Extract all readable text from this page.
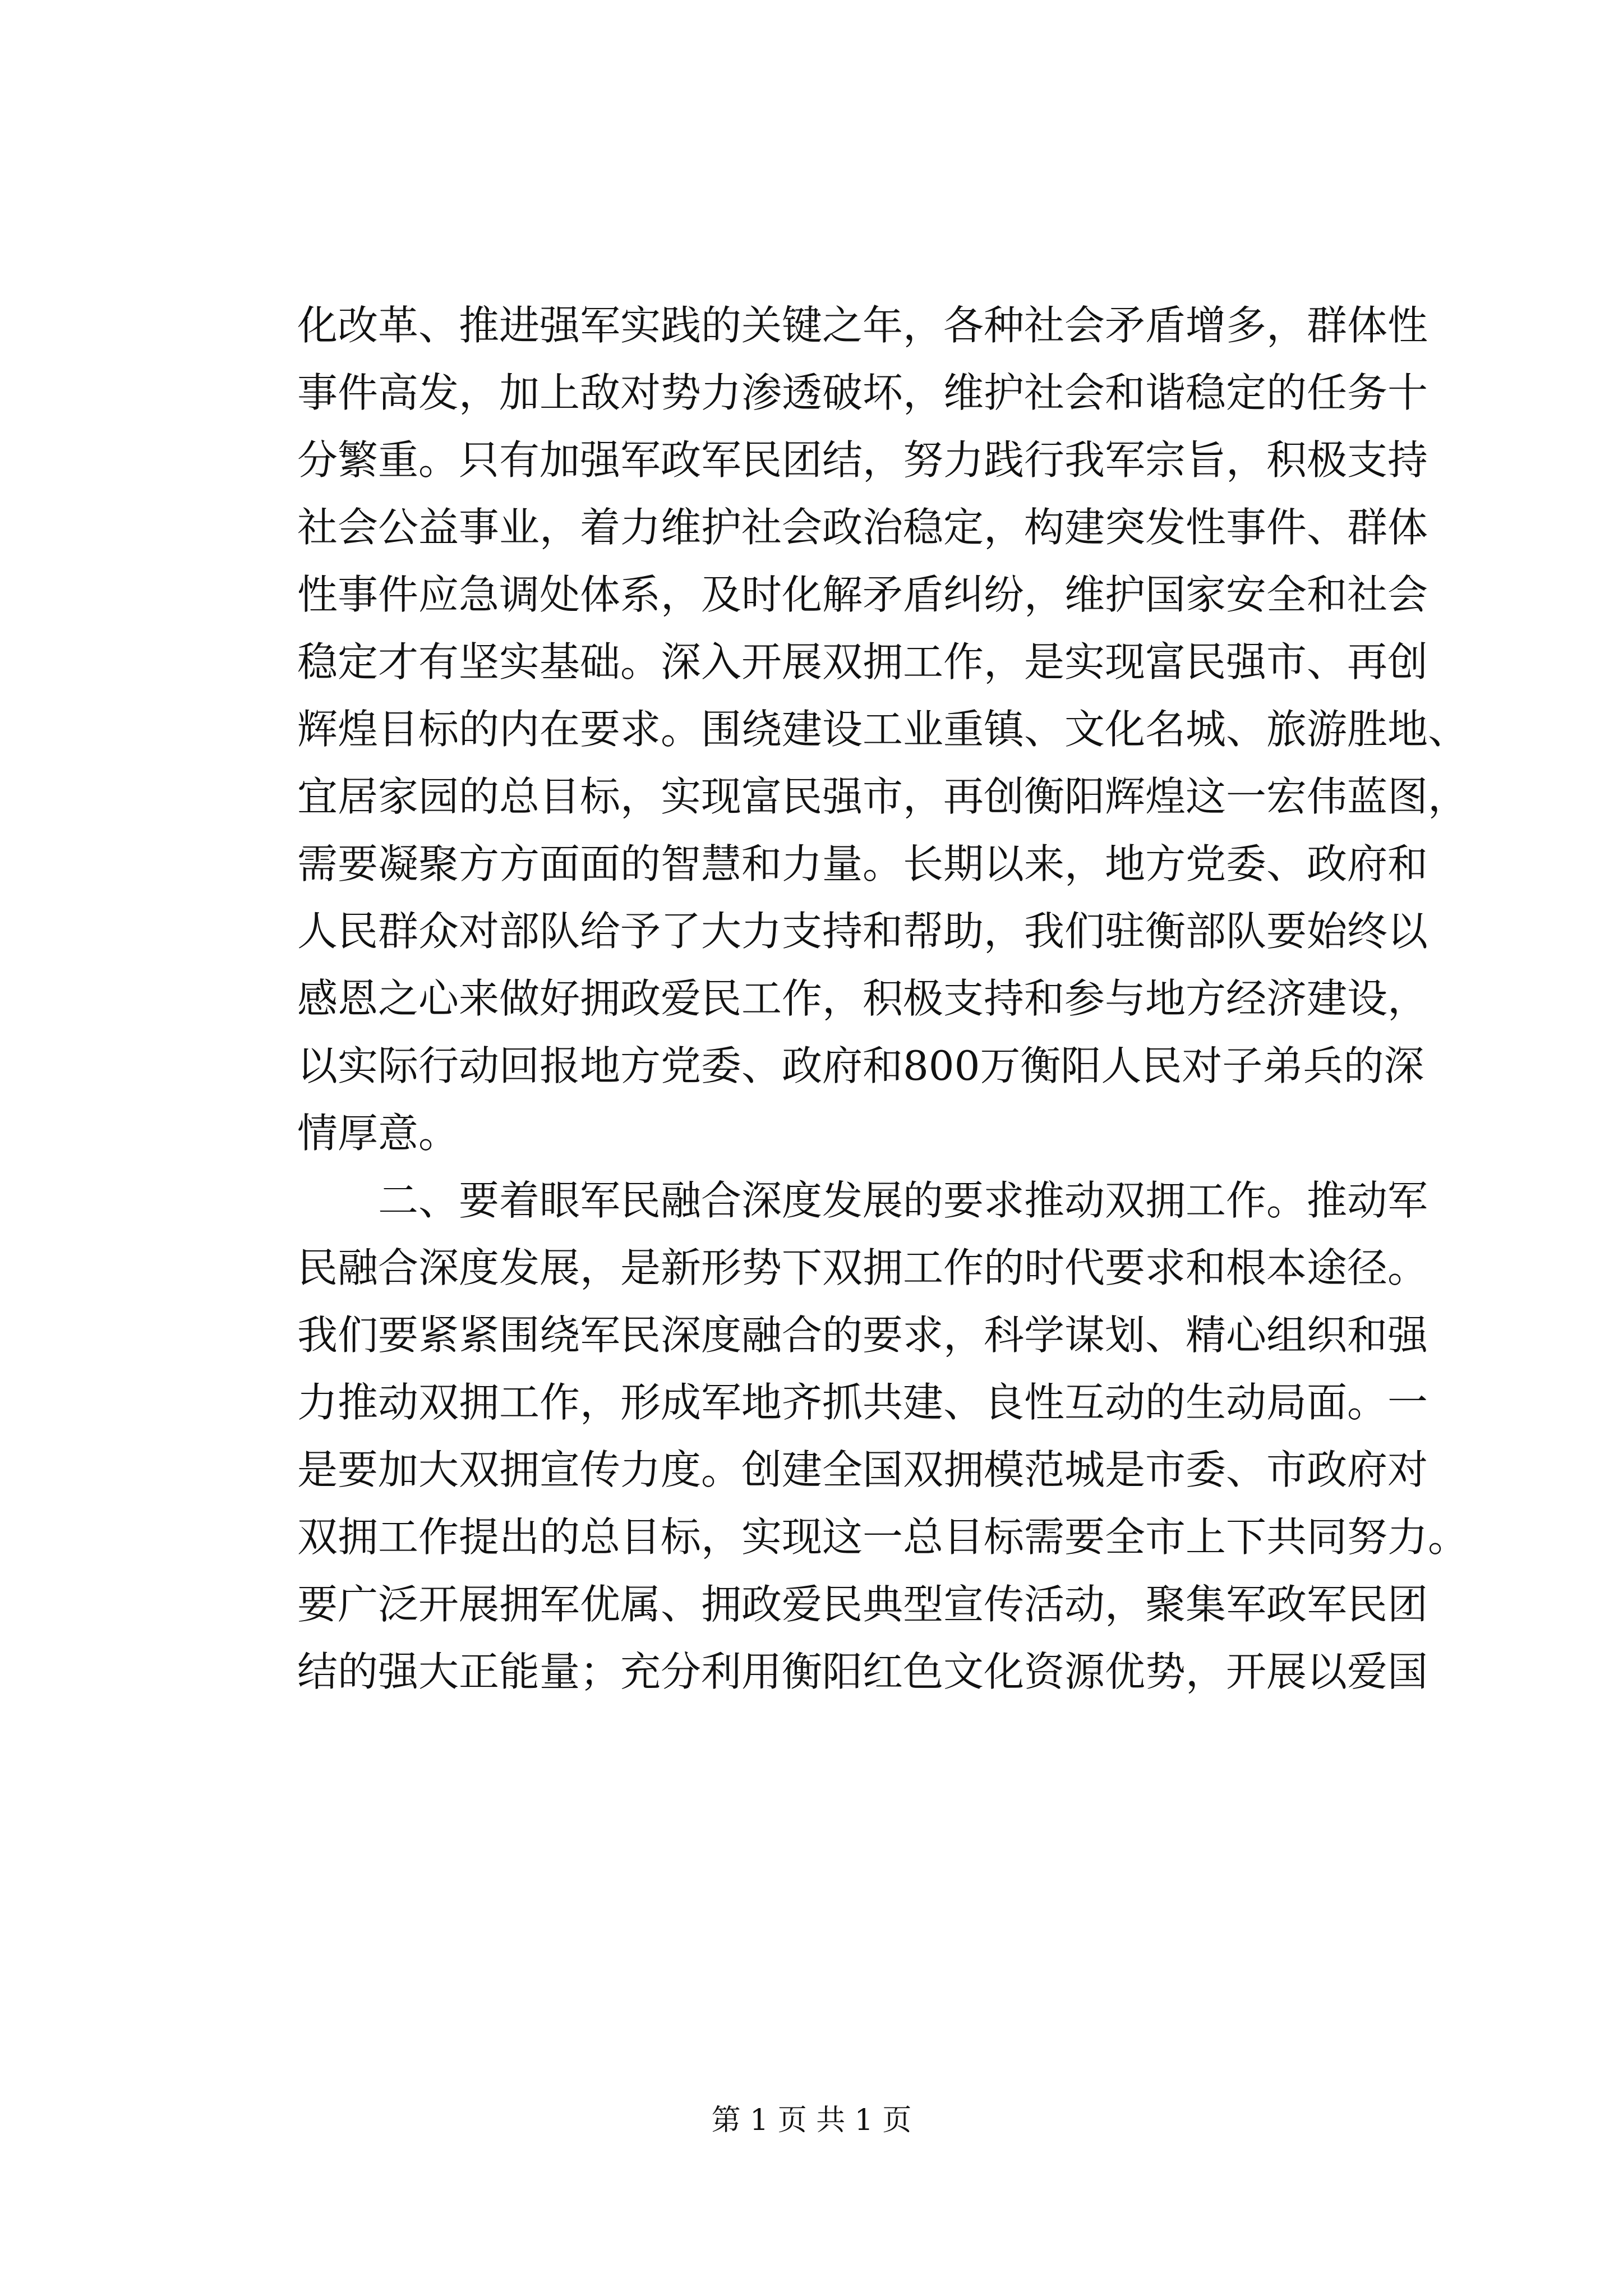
化改革、推进强军实践的关键之年，各种社会矛盾增多，群体性
事件高发，加上敌对势力渗透破坏，维护社会和谐稳定的任务十
分繁重。只有加强军政军民团结，努力践行我军宗旨，积极支持
社会公益事业，着力维护社会政治稳定，构建突发性事件、群体
性事件应急调处体系，及时化解矛盾纠纷，维护国家安全和社会
稳定才有坚实基础。深入开展双拥工作，是实现富民强市、再创
辉煌目标的内在要求。围绕建设工业重镇、文化名城、旅游胜地、
宜居家园的总目标，实现富民强市，再创衡阳辉煌这一宏伟蓝图，
需要凝聚方方面面的智慧和力量。长期以来，地方党委、政府和
人民群众对部队给予了大力支持和帮助，我们驻衡部队要始终以
感恩之心来做好拥政爱民工作，积极支持和参与地方经济建设，
以实际行动回报地方党委、政府和800万衡阳人民对子弟兵的深
情厚意。
　　二、要着眼军民融合深度发展的要求推动双拥工作。推动军
民融合深度发展，是新形势下双拥工作的时代要求和根本途径。
我们要紧紧围绕军民深度融合的要求，科学谋划、精心组织和强
力推动双拥工作，形成军地齐抓共建、良性互动的生动局面。一
是要加大双拥宣传力度。创建全国双拥模范城是市委、市政府对
双拥工作提出的总目标，实现这一总目标需要全市上下共同努力。
要广泛开展拥军优属、拥政爱民典型宣传活动，聚集军政军民团
结的强大正能量；充分利用衡阳红色文化资源优势，开展以爱国
第 1 页 共 1 页
